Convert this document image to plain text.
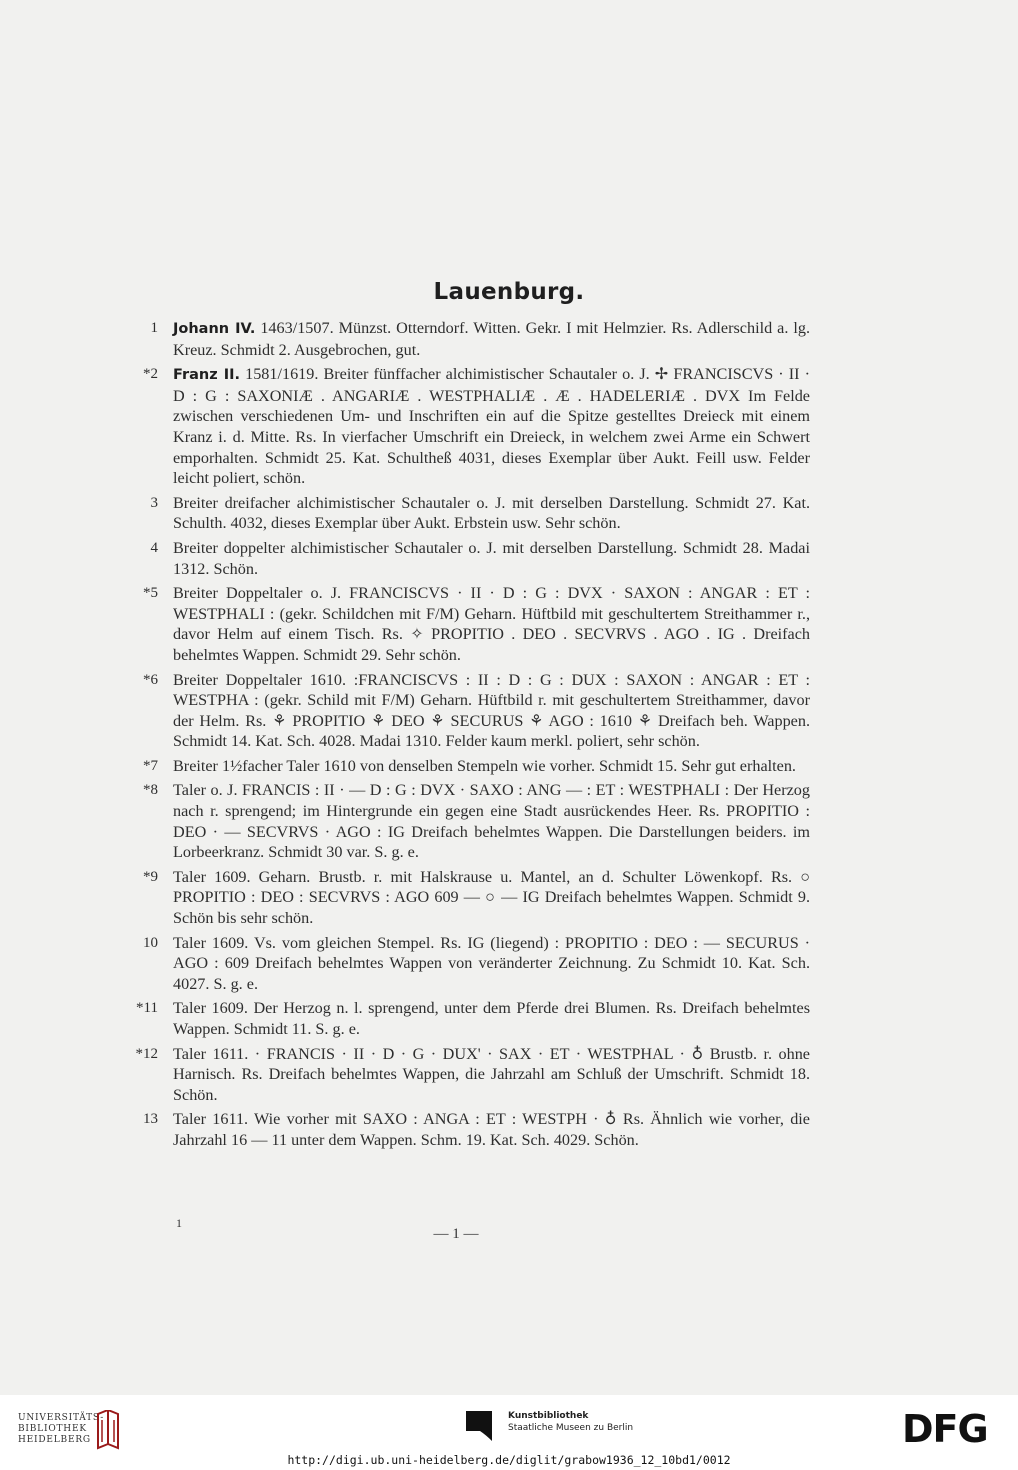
Lauenburg.
1 Johann IV. 1463/1507. Münzst. Otterndorf. Witten. Gekr. I mit Helmzier. Rs. Adlerschild a. lg. Kreuz. Schmidt 2. Ausgebrochen, gut.
*2 Franz II. 1581/1619. Breiter fünffacher alchimistischer Schautaler o. J. ✢ FRANCISCVS · II · D : G : SAXONIÆ . ANGARIÆ . WESTPHALIÆ . Æ . HADELERIÆ . DVX Im Felde zwischen verschiedenen Um- und Inschriften ein auf die Spitze gestelltes Dreieck mit einem Kranz i. d. Mitte. Rs. In vierfacher Umschrift ein Dreieck, in welchem zwei Arme ein Schwert emporhalten. Schmidt 25. Kat. Schulthеß 4031, dieses Exemplar über Aukt. Feill usw. Felder leicht poliert, schön.
3 Breiter dreifacher alchimistischer Schautaler o. J. mit derselben Darstellung. Schmidt 27. Kat. Schulth. 4032, dieses Exemplar über Aukt. Erbstein usw. Sehr schön.
4 Breiter doppelter alchimistischer Schautaler o. J. mit derselben Darstellung. Schmidt 28. Madai 1312. Schön.
*5 Breiter Doppeltaler o. J. FRANCISCVS · II · D : G : DVX · SAXON : ANGAR : ET : WESTPHALI : (gekr. Schildchen mit F/M) Geharn. Hüftbild mit geschultertem Streithammer r., davor Helm auf einem Tisch. Rs. ✧ PROPITIO . DEO . SECVRVS . AGO . IG . Dreifach behelmtes Wappen. Schmidt 29. Sehr schön.
*6 Breiter Doppeltaler 1610. :FRANCISCVS : II : D : G : DUX : SAXON : ANGAR : ET : WESTPHA : (gekr. Schild mit F/M) Geharn. Hüftbild r. mit geschultertem Streithammer, davor der Helm. Rs. ⚘ PROPITIO ⚘ DEO ⚘ SECURUS ⚘ AGO : 1610 ⚘ Dreifach beh. Wappen. Schmidt 14. Kat. Sch. 4028. Madai 1310. Felder kaum merkl. poliert, sehr schön.
*7 Breiter 1½facher Taler 1610 von denselben Stempeln wie vorher. Schmidt 15. Sehr gut erhalten.
*8 Taler o. J. FRANCIS : II · — D : G : DVX · SAXO : ANG — : ET : WESTPHALI : Der Herzog nach r. sprengend; im Hintergrunde ein gegen eine Stadt ausrückendes Heer. Rs. PROPITIO : DEO · — SECVRVS · AGO : IG Dreifach behelmtes Wappen. Die Darstellungen beiders. im Lorbeerkranz. Schmidt 30 var. S. g. e.
*9 Taler 1609. Geharn. Brustb. r. mit Halskrause u. Mantel, an d. Schulter Löwenkopf. Rs. ○ PROPITIO : DEO : SECVRVS : AGO 609 — ○ — IG Dreifach behelmtes Wappen. Schmidt 9. Schön bis sehr schön.
10 Taler 1609. Vs. vom gleichen Stempel. Rs. IG (liegend) : PROPITIO : DEO : — SECURUS · AGO : 609 Dreifach behelmtes Wappen von veränderter Zeichnung. Zu Schmidt 10. Kat. Sch. 4027. S. g. e.
*11 Taler 1609. Der Herzog n. l. sprengend, unter dem Pferde drei Blumen. Rs. Dreifach behelmtes Wappen. Schmidt 11. S. g. e.
*12 Taler 1611. · FRANCIS · II · D · G · DUX' · SAX · ET · WESTPHAL · ♁ Brustb. r. ohne Harnisch. Rs. Dreifach behelmtes Wappen, die Jahrzahl am Schluß der Umschrift. Schmidt 18. Schön.
13 Taler 1611. Wie vorher mit SAXO : ANGA : ET : WESTPH · ♁ Rs. Ähnlich wie vorher, die Jahrzahl 16 — 11 unter dem Wappen. Schm. 19. Kat. Sch. 4029. Schön.
1
— 1 —
UNIVERSITÄTS-
BIBLIOTHEK
HEIDELBERG
Kunstbibliothek
Staatliche Museen zu Berlin	DFG
http://digi.ub.uni-heidelberg.de/diglit/grabow1936_12_10bd1/0012
